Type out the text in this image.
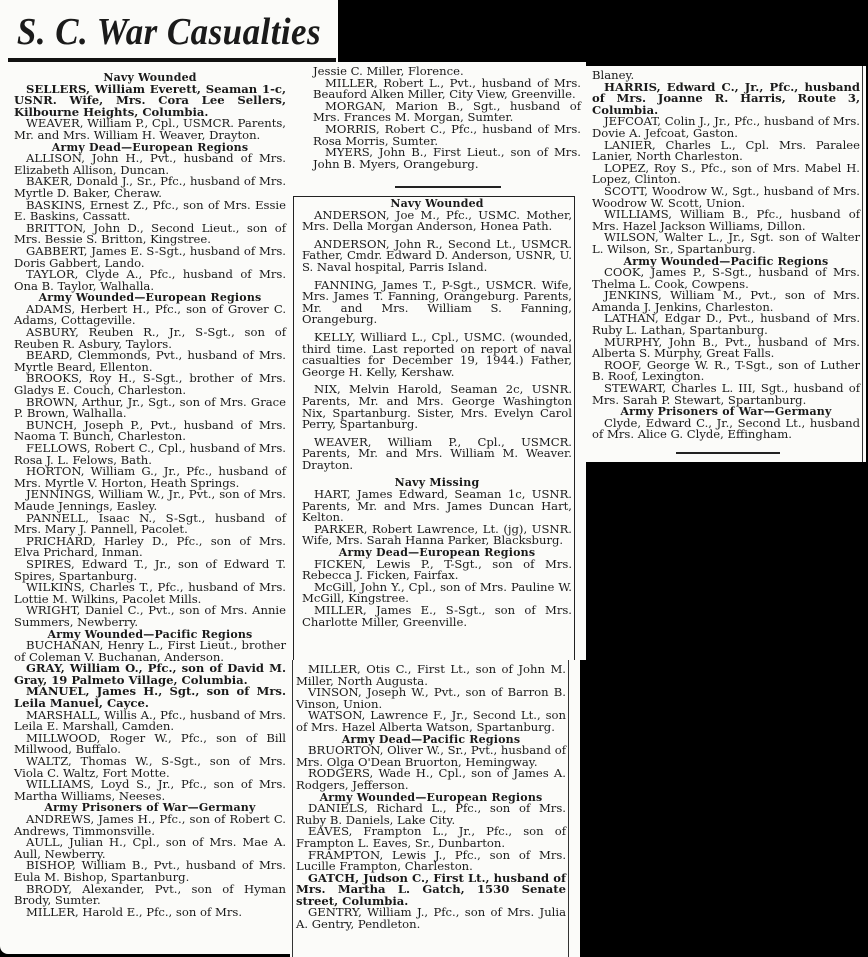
S. C. War Casualties
Navy Wounded
SELLERS, William Everett, Seaman 1-c, USNR. Wife, Mrs. Cora Lee Sellers, Kilbourne Heights, Columbia.
WEAVER, William P., Cpl., USMCR. Parents, Mr. and Mrs. William H. Weaver, Drayton.
Army Dead—European Regions
ALLISON, John H., Pvt., husband of Mrs. Elizabeth Allison, Duncan.
BAKER, Donald J., Sr., Pfc., husband of Mrs. Myrtle D. Baker, Cheraw.
BASKINS, Ernest Z., Pfc., son of Mrs. Essie E. Baskins, Cassatt.
BRITTON, John D., Second Lieut., son of Mrs. Bessie S. Britton, Kingstree.
GABBERT, James E. S-Sgt., husband of Mrs. Doris Gabbert, Lando.
TAYLOR, Clyde A., Pfc., husband of Mrs. Ona B. Taylor, Walhalla.
Army Wounded—European Regions
ADAMS, Herbert H., Pfc., son of Grover C. Adams, Cottageville.
ASBURY, Reuben R., Jr., S-Sgt., son of Reuben R. Asbury, Taylors.
BEARD, Clemmonds, Pvt., husband of Mrs. Myrtle Beard, Ellenton.
BROOKS, Roy H., S-Sgt., brother of Mrs. Gladys E. Couch, Charleston.
BROWN, Arthur, Jr., Sgt., son of Mrs. Grace P. Brown, Walhalla.
BUNCH, Joseph P., Pvt., husband of Mrs. Naoma T. Bunch, Charleston.
FELLOWS, Robert C., Cpl., husband of Mrs. Rosa J. L. Felows, Bath.
HORTON, William G., Jr., Pfc., husband of Mrs. Myrtle V. Horton, Heath Springs.
JENNINGS, William W., Jr., Pvt., son of Mrs. Maude Jennings, Easley.
PANNELL, Isaac N., S-Sgt., husband of Mrs. Mary J. Pannell, Pacolet.
PRICHARD, Harley D., Pfc., son of Mrs. Elva Prichard, Inman.
SPIRES, Edward T., Jr., son of Edward T. Spires, Spartanburg.
WILKINS, Charles T., Pfc., husband of Mrs. Lottie M. Wilkins, Pacolet Mills.
WRIGHT, Daniel C., Pvt., son of Mrs. Annie Summers, Newberry.
Army Wounded—Pacific Regions
BUCHANAN, Henry L., First Lieut., brother of Coleman V. Buchanan, Anderson.
GRAY, William O., Pfc., son of David M. Gray, 19 Palmeto Village, Columbia.
MANUEL, James H., Sgt., son of Mrs. Leila Manuel, Cayce.
MARSHALL, Willis A., Pfc., husband of Mrs. Leila E. Marshall, Camden.
MILLWOOD, Roger W., Pfc., son of Bill Millwood, Buffalo.
WALTZ, Thomas W., S-Sgt., son of Mrs. Viola C. Waltz, Fort Motte.
WILLIAMS, Loyd S., Jr., Pfc., son of Mrs. Martha Williams, Neeses.
Army Prisoners of War—Germany
ANDREWS, James H., Pfc., son of Robert C. Andrews, Timmonsville.
AULL, Julian H., Cpl., son of Mrs. Mae A. Aull, Newberry.
BISHOP, William B., Pvt., husband of Mrs. Eula M. Bishop, Spartanburg.
BRODY, Alexander, Pvt., son of Hyman Brody, Sumter.
MILLER, Harold E., Pfc., son of Mrs.
Jessie C. Miller, Florence.
MILLER, Robert L., Pvt., husband of Mrs. Beauford Alken Miller, City View, Greenville.
MORGAN, Marion B., Sgt., husband of Mrs. Frances M. Morgan, Sumter.
MORRIS, Robert C., Pfc., husband of Mrs. Rosa Morris, Sumter.
MYERS, John B., First Lieut., son of Mrs. John B. Myers, Orangeburg.
Navy Wounded
ANDERSON, Joe M., Pfc., USMC. Mother, Mrs. Della Morgan Anderson, Honea Path.
ANDERSON, John R., Second Lt., USMCR. Father, Cmdr. Edward D. Anderson, USNR, U. S. Naval hospital, Parris Island.
FANNING, James T., P-Sgt., USMCR. Wife, Mrs. James T. Fanning, Orangeburg. Parents, Mr. and Mrs. William S. Fanning, Orangeburg.
KELLY, Williard L., Cpl., USMC. (wounded, third time. Last reported on report of naval casualties for December 19, 1944.) Father, George H. Kelly, Kershaw.
NIX, Melvin Harold, Seaman 2c, USNR. Parents, Mr. and Mrs. George Washington Nix, Spartanburg. Sister, Mrs. Evelyn Carol Perry, Spartanburg.
WEAVER, William P., Cpl., USMCR. Parents, Mr. and Mrs. William M. Weaver. Drayton.
Navy Missing
HART, James Edward, Seaman 1c, USNR. Parents, Mr. and Mrs. James Duncan Hart, Kelton.
PARKER, Robert Lawrence, Lt. (jg), USNR. Wife, Mrs. Sarah Hanna Parker, Blacksburg.
Army Dead—European Regions
FICKEN, Lewis P., T-Sgt., son of Mrs. Rebecca J. Ficken, Fairfax.
McGill, John Y., Cpl., son of Mrs. Pauline W. McGill, Kingstree.
MILLER, James E., S-Sgt., son of Mrs. Charlotte Miller, Greenville.
MILLER, Otis C., First Lt., son of John M. Miller, North Augusta.
VINSON, Joseph W., Pvt., son of Barron B. Vinson, Union.
WATSON, Lawrence F., Jr., Second Lt., son of Mrs. Hazel Alberta Watson, Spartanburg.
Army Dead—Pacific Regions
BRUORTON, Oliver W., Sr., Pvt., husband of Mrs. Olga O'Dean Bruorton, Hemingway.
RODGERS, Wade H., Cpl., son of James A. Rodgers, Jefferson.
Army Wounded—European Regions
DANIELS, Richard L., Pfc., son of Mrs. Ruby B. Daniels, Lake City.
EAVES, Frampton L., Jr., Pfc., son of Frampton L. Eaves, Sr., Dunbarton.
FRAMPTON, Lewis J., Pfc., son of Mrs. Lucille Frampton, Charleston.
GATCH, Judson C., First Lt., husband of Mrs. Martha L. Gatch, 1530 Senate street, Columbia.
GENTRY, William J., Pfc., son of Mrs. Julia A. Gentry, Pendleton.
Blaney.
HARRIS, Edward C., Jr., Pfc., husband of Mrs. Joanne R. Harris, Route 3, Columbia.
JEFCOAT, Colin J., Jr., Pfc., husband of Mrs. Dovie A. Jefcoat, Gaston.
LANIER, Charles L., Cpl. Mrs. Paralee Lanier, North Charleston.
LOPEZ, Roy S., Pfc., son of Mrs. Mabel H. Lopez, Clinton.
SCOTT, Woodrow W., Sgt., husband of Mrs. Woodrow W. Scott, Union.
WILLIAMS, William B., Pfc., husband of Mrs. Hazel Jackson Williams, Dillon.
WILSON, Walter L., Jr., Sgt. son of Walter L. Wilson, Sr., Spartanburg.
Army Wounded—Pacific Regions
COOK, James P., S-Sgt., husband of Mrs. Thelma L. Cook, Cowpens.
JENKINS, William M., Pvt., son of Mrs. Amanda J. Jenkins, Charleston.
LATHAN, Edgar D., Pvt., husband of Mrs. Ruby L. Lathan, Spartanburg.
MURPHY, John B., Pvt., husband of Mrs. Alberta S. Murphy, Great Falls.
ROOF, George W. R., T-Sgt., son of Luther B. Roof, Lexington.
STEWART, Charles L. III, Sgt., husband of Mrs. Sarah P. Stewart, Spartanburg.
Army Prisoners of War—Germany
Clyde, Edward C., Jr., Second Lt., husband of Mrs. Alice G. Clyde, Effingham.
